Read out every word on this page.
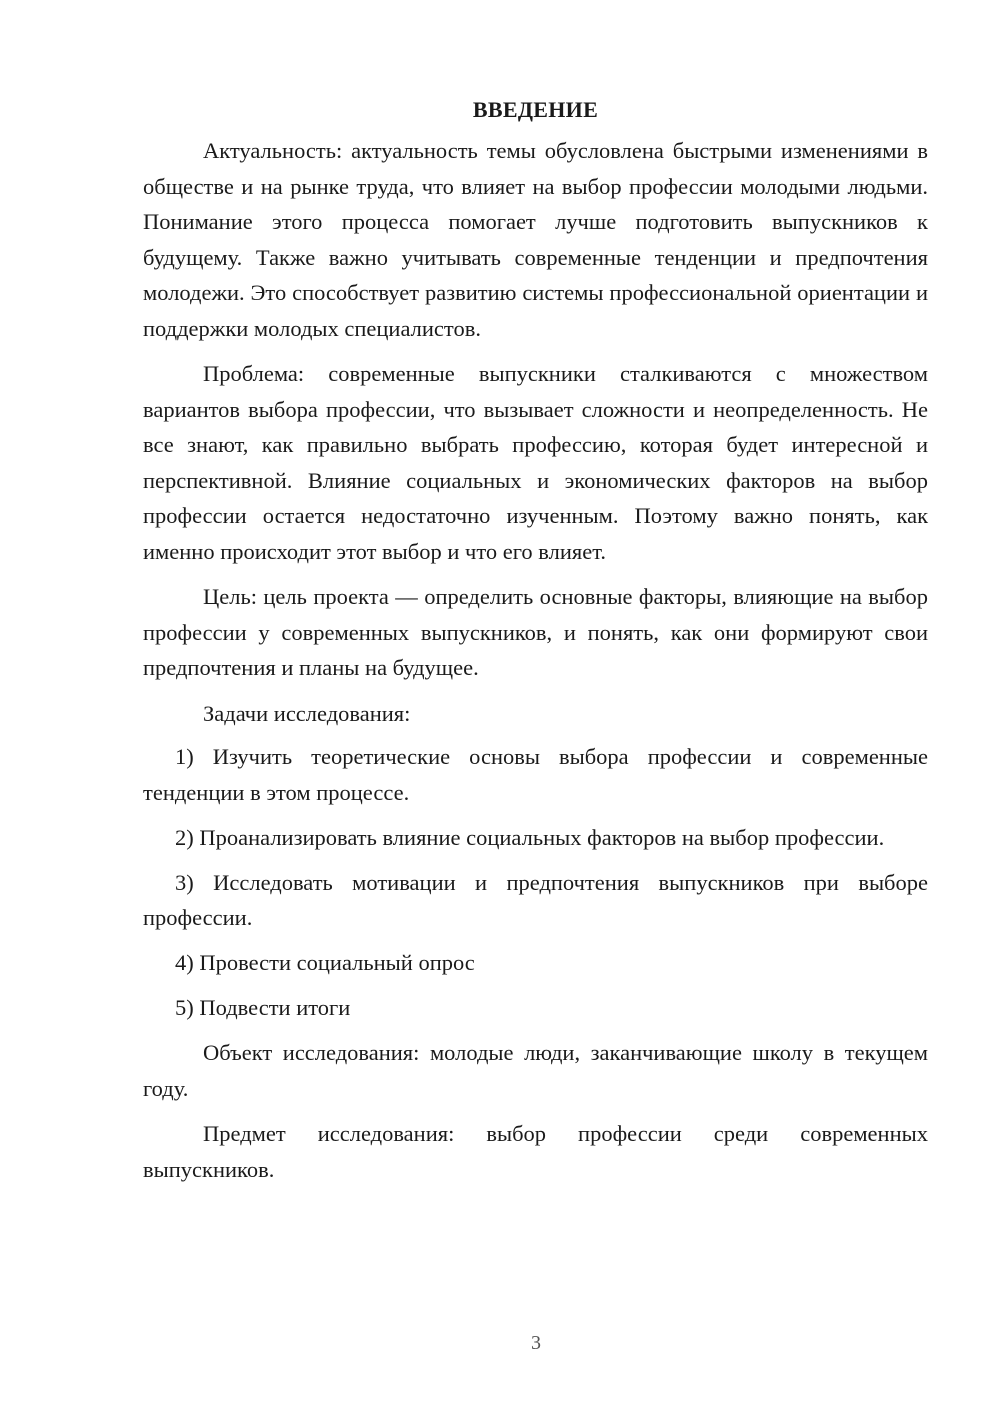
ВВЕДЕНИЕ

Актуальность: актуальность темы обусловлена быстрыми изменениями в обществе и на рынке труда, что влияет на выбор профессии молодыми людьми. Понимание этого процесса помогает лучше подготовить выпускников к будущему. Также важно учитывать современные тенденции и предпочтения молодежи. Это способствует развитию системы профессиональной ориентации и поддержки молодых специалистов.

Проблема: современные выпускники сталкиваются с множеством вариантов выбора профессии, что вызывает сложности и неопределенность. Не все знают, как правильно выбрать профессию, которая будет интересной и перспективной. Влияние социальных и экономических факторов на выбор профессии остается недостаточно изученным. Поэтому важно понять, как именно происходит этот выбор и что его влияет.

Цель: цель проекта — определить основные факторы, влияющие на выбор профессии у современных выпускников, и понять, как они формируют свои предпочтения и планы на будущее.

Задачи исследования:

1) Изучить теоретические основы выбора профессии и современные тенденции в этом процессе.

2) Проанализировать влияние социальных факторов на выбор профессии.

3) Исследовать мотивации и предпочтения выпускников при выборе профессии.

4) Провести социальный опрос

5) Подвести итоги

Объект исследования: молодые люди, заканчивающие школу в текущем году.

Предмет исследования: выбор профессии среди современных выпускников.

3
